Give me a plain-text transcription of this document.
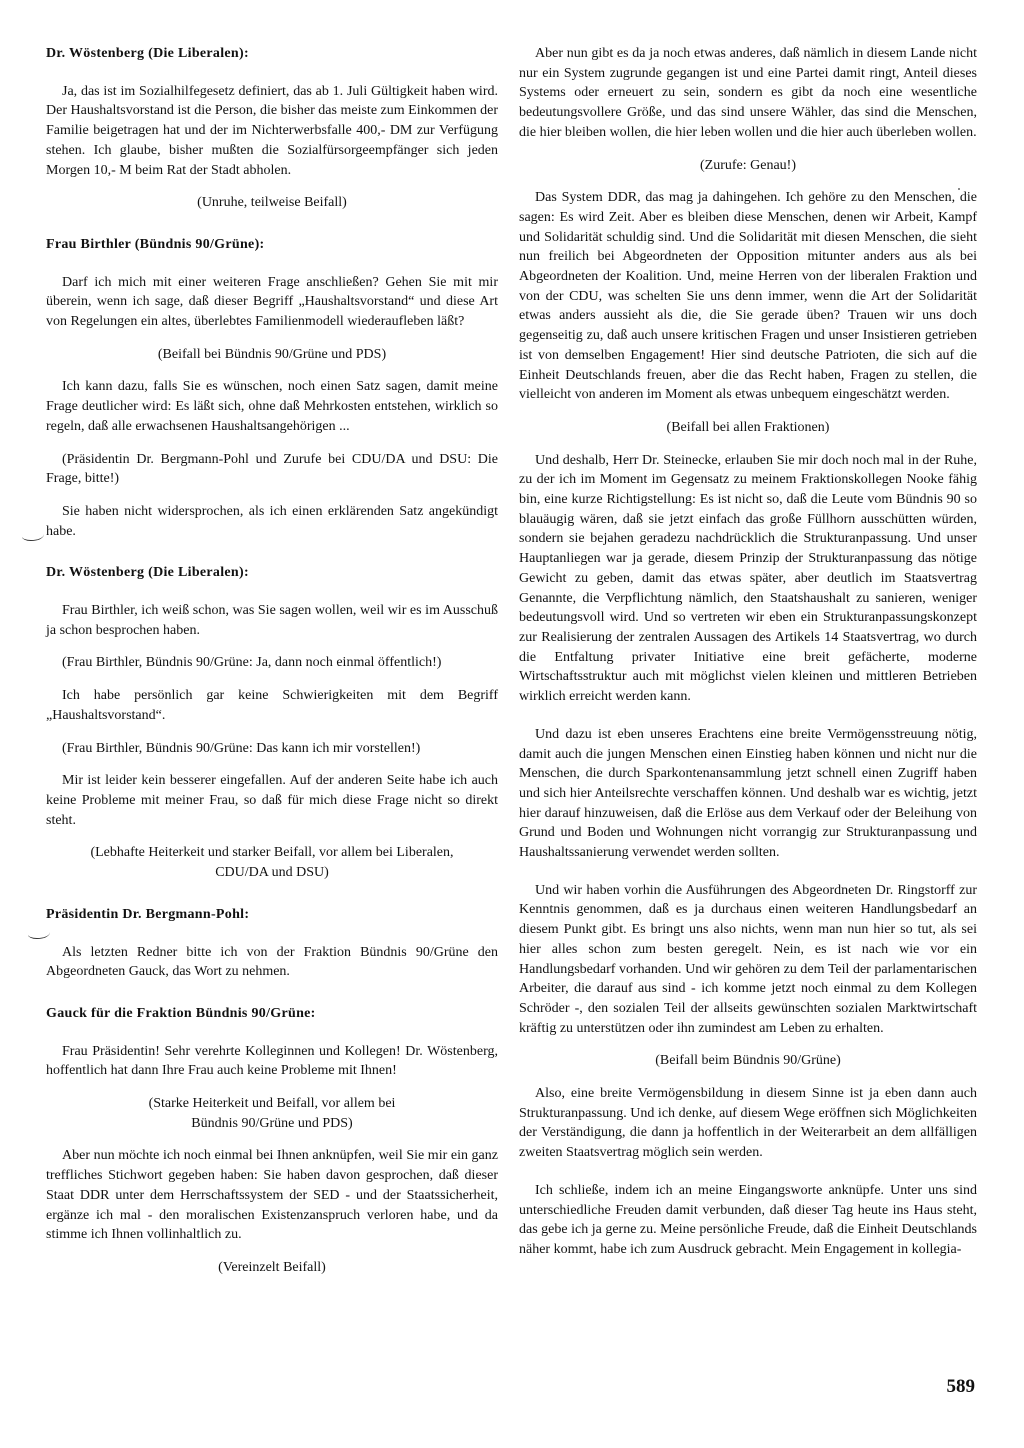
Dr. Wöstenberg (Die Liberalen):

Ja, das ist im Sozialhilfegesetz definiert, das ab 1. Juli Gültigkeit haben wird. Der Haushaltsvorstand ist die Person, die bisher das meiste zum Einkommen der Familie beigetragen hat und der im Nichterwerbsfalle 400,- DM zur Verfügung stehen. Ich glaube, bisher mußten die Sozialfürsorgeempfänger sich jeden Morgen 10,- M beim Rat der Stadt abholen.

(Unruhe, teilweise Beifall)

Frau Birthler (Bündnis 90/Grüne):

Darf ich mich mit einer weiteren Frage anschließen? Gehen Sie mit mir überein, wenn ich sage, daß dieser Begriff „Haushaltsvorstand“ und diese Art von Regelungen ein altes, überlebtes Familienmodell wiederaufleben läßt?

(Beifall bei Bündnis 90/Grüne und PDS)

Ich kann dazu, falls Sie es wünschen, noch einen Satz sagen, damit meine Frage deutlicher wird: Es läßt sich, ohne daß Mehrkosten entstehen, wirklich so regeln, daß alle erwachsenen Haushaltsangehörigen ...

(Präsidentin Dr. Bergmann-Pohl und Zurufe bei CDU/DA und DSU: Die Frage, bitte!)

Sie haben nicht widersprochen, als ich einen erklärenden Satz angekündigt habe.

Dr. Wöstenberg (Die Liberalen):

Frau Birthler, ich weiß schon, was Sie sagen wollen, weil wir es im Ausschuß ja schon besprochen haben.

(Frau Birthler, Bündnis 90/Grüne: Ja, dann noch einmal öffentlich!)

Ich habe persönlich gar keine Schwierigkeiten mit dem Begriff „Haushaltsvorstand“.

(Frau Birthler, Bündnis 90/Grüne: Das kann ich mir vorstellen!)

Mir ist leider kein besserer eingefallen. Auf der anderen Seite habe ich auch keine Probleme mit meiner Frau, so daß für mich diese Frage nicht so direkt steht.

(Lebhafte Heiterkeit und starker Beifall, vor allem bei Liberalen, CDU/DA und DSU)

Präsidentin Dr. Bergmann-Pohl:

Als letzten Redner bitte ich von der Fraktion Bündnis 90/Grüne den Abgeordneten Gauck, das Wort zu nehmen.

Gauck für die Fraktion Bündnis 90/Grüne:

Frau Präsidentin! Sehr verehrte Kolleginnen und Kollegen! Dr. Wöstenberg, hoffentlich hat dann Ihre Frau auch keine Probleme mit Ihnen!

(Starke Heiterkeit und Beifall, vor allem bei Bündnis 90/Grüne und PDS)

Aber nun möchte ich noch einmal bei Ihnen anknüpfen, weil Sie mir ein ganz treffliches Stichwort gegeben haben: Sie haben davon gesprochen, daß dieser Staat DDR unter dem Herrschaftssystem der SED - und der Staatssicherheit, ergänze ich mal - den moralischen Existenzanspruch verloren habe, und da stimme ich Ihnen vollinhaltlich zu.

(Vereinzelt Beifall)

Aber nun gibt es da ja noch etwas anderes, daß nämlich in diesem Lande nicht nur ein System zugrunde gegangen ist und eine Partei damit ringt, Anteil dieses Systems oder erneuert zu sein, sondern es gibt da noch eine wesentliche bedeutungsvollere Größe, und das sind unsere Wähler, das sind die Menschen, die hier bleiben wollen, die hier leben wollen und die hier auch überleben wollen.

(Zurufe: Genau!)

Das System DDR, das mag ja dahingehen. Ich gehöre zu den Menschen, die sagen: Es wird Zeit. Aber es bleiben diese Menschen, denen wir Arbeit, Kampf und Solidarität schuldig sind. Und die Solidarität mit diesen Menschen, die sieht nun freilich bei Abgeordneten der Opposition mitunter anders aus als bei Abgeordneten der Koalition. Und, meine Herren von der liberalen Fraktion und von der CDU, was schelten Sie uns denn immer, wenn die Art der Solidarität etwas anders aussieht als die, die Sie gerade üben? Trauen wir uns doch gegenseitig zu, daß auch unsere kritischen Fragen und unser Insistieren getrieben ist von demselben Engagement! Hier sind deutsche Patrioten, die sich auf die Einheit Deutschlands freuen, aber die das Recht haben, Fragen zu stellen, die vielleicht von anderen im Moment als etwas unbequem eingeschätzt werden.

(Beifall bei allen Fraktionen)

Und deshalb, Herr Dr. Steinecke, erlauben Sie mir doch noch mal in der Ruhe, zu der ich im Moment im Gegensatz zu meinem Fraktionskollegen Nooke fähig bin, eine kurze Richtigstellung: Es ist nicht so, daß die Leute vom Bündnis 90 so blauäugig wären, daß sie jetzt einfach das große Füllhorn ausschütten würden, sondern sie bejahen geradezu nachdrücklich die Strukturanpassung. Und unser Hauptanliegen war ja gerade, diesem Prinzip der Strukturanpassung das nötige Gewicht zu geben, damit das etwas später, aber deutlich im Staatsvertrag Genannte, die Verpflichtung nämlich, den Staatshaushalt zu sanieren, weniger bedeutungsvoll wird. Und so vertreten wir eben ein Strukturanpassungskonzept zur Realisierung der zentralen Aussagen des Artikels 14 Staatsvertrag, wo durch die Entfaltung privater Initiative eine breit gefächerte, moderne Wirtschaftsstruktur auch mit möglichst vielen kleinen und mittleren Betrieben wirklich erreicht werden kann.

Und dazu ist eben unseres Erachtens eine breite Vermögensstreuung nötig, damit auch die jungen Menschen einen Einstieg haben können und nicht nur die Menschen, die durch Sparkontenansammlung jetzt schnell einen Zugriff haben und sich hier Anteilsrechte verschaffen können. Und deshalb war es wichtig, jetzt hier darauf hinzuweisen, daß die Erlöse aus dem Verkauf oder der Beleihung von Grund und Boden und Wohnungen nicht vorrangig zur Strukturanpassung und Haushaltssanierung verwendet werden sollten.

Und wir haben vorhin die Ausführungen des Abgeordneten Dr. Ringstorff zur Kenntnis genommen, daß es ja durchaus einen weiteren Handlungsbedarf an diesem Punkt gibt. Es bringt uns also nichts, wenn man nun hier so tut, als sei hier alles schon zum besten geregelt. Nein, es ist nach wie vor ein Handlungsbedarf vorhanden. Und wir gehören zu dem Teil der parlamentarischen Arbeiter, die darauf aus sind - ich komme jetzt noch einmal zu dem Kollegen Schröder -, den sozialen Teil der allseits gewünschten sozialen Marktwirtschaft kräftig zu unterstützen oder ihn zumindest am Leben zu erhalten.

(Beifall beim Bündnis 90/Grüne)

Also, eine breite Vermögensbildung in diesem Sinne ist ja eben dann auch Strukturanpassung. Und ich denke, auf diesem Wege eröffnen sich Möglichkeiten der Verständigung, die dann ja hoffentlich in der Weiterarbeit an dem allfälligen zweiten Staatsvertrag möglich sein werden.

Ich schließe, indem ich an meine Eingangsworte anknüpfe. Unter uns sind unterschiedliche Freuden damit verbunden, daß dieser Tag heute ins Haus steht, das gebe ich ja gerne zu. Meine persönliche Freude, daß die Einheit Deutschlands näher kommt, habe ich zum Ausdruck gebracht. Mein Engagement in kollegia-

589
